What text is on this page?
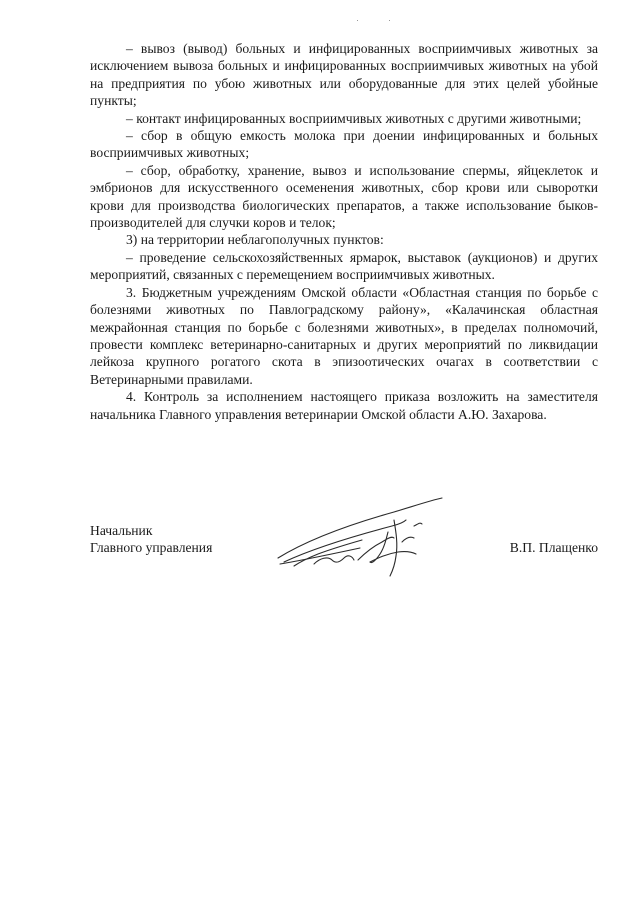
– вывоз (вывод) больных и инфицированных восприимчивых животных за исключением вывоза больных и инфицированных восприимчивых животных на убой на предприятия по убою животных или оборудованные для этих целей убойные пункты;

– контакт инфицированных восприимчивых животных с другими животными;

– сбор в общую емкость молока при доении инфицированных и больных восприимчивых животных;

– сбор, обработку, хранение, вывоз и использование спермы, яйцеклеток и эмбрионов для искусственного осеменения животных, сбор крови или сыворотки крови для производства биологических препаратов, а также использование быков-производителей для случки коров и телок;

3) на территории неблагополучных пунктов:

– проведение сельскохозяйственных ярмарок, выставок (аукционов) и других мероприятий, связанных с перемещением восприимчивых животных.

3. Бюджетным учреждениям Омской области «Областная станция по борьбе с болезнями животных по Павлоградскому району», «Калачинская областная межрайонная станция по борьбе с болезнями животных», в пределах полномочий, провести комплекс ветеринарно-санитарных и других мероприятий по ликвидации лейкоза крупного рогатого скота в эпизоотических очагах в соответствии с Ветеринарными правилами.

4. Контроль за исполнением настоящего приказа возложить на заместителя начальника Главного управления ветеринарии Омской области А.Ю. Захарова.

Начальник
Главного управления	В.П. Плащенко
